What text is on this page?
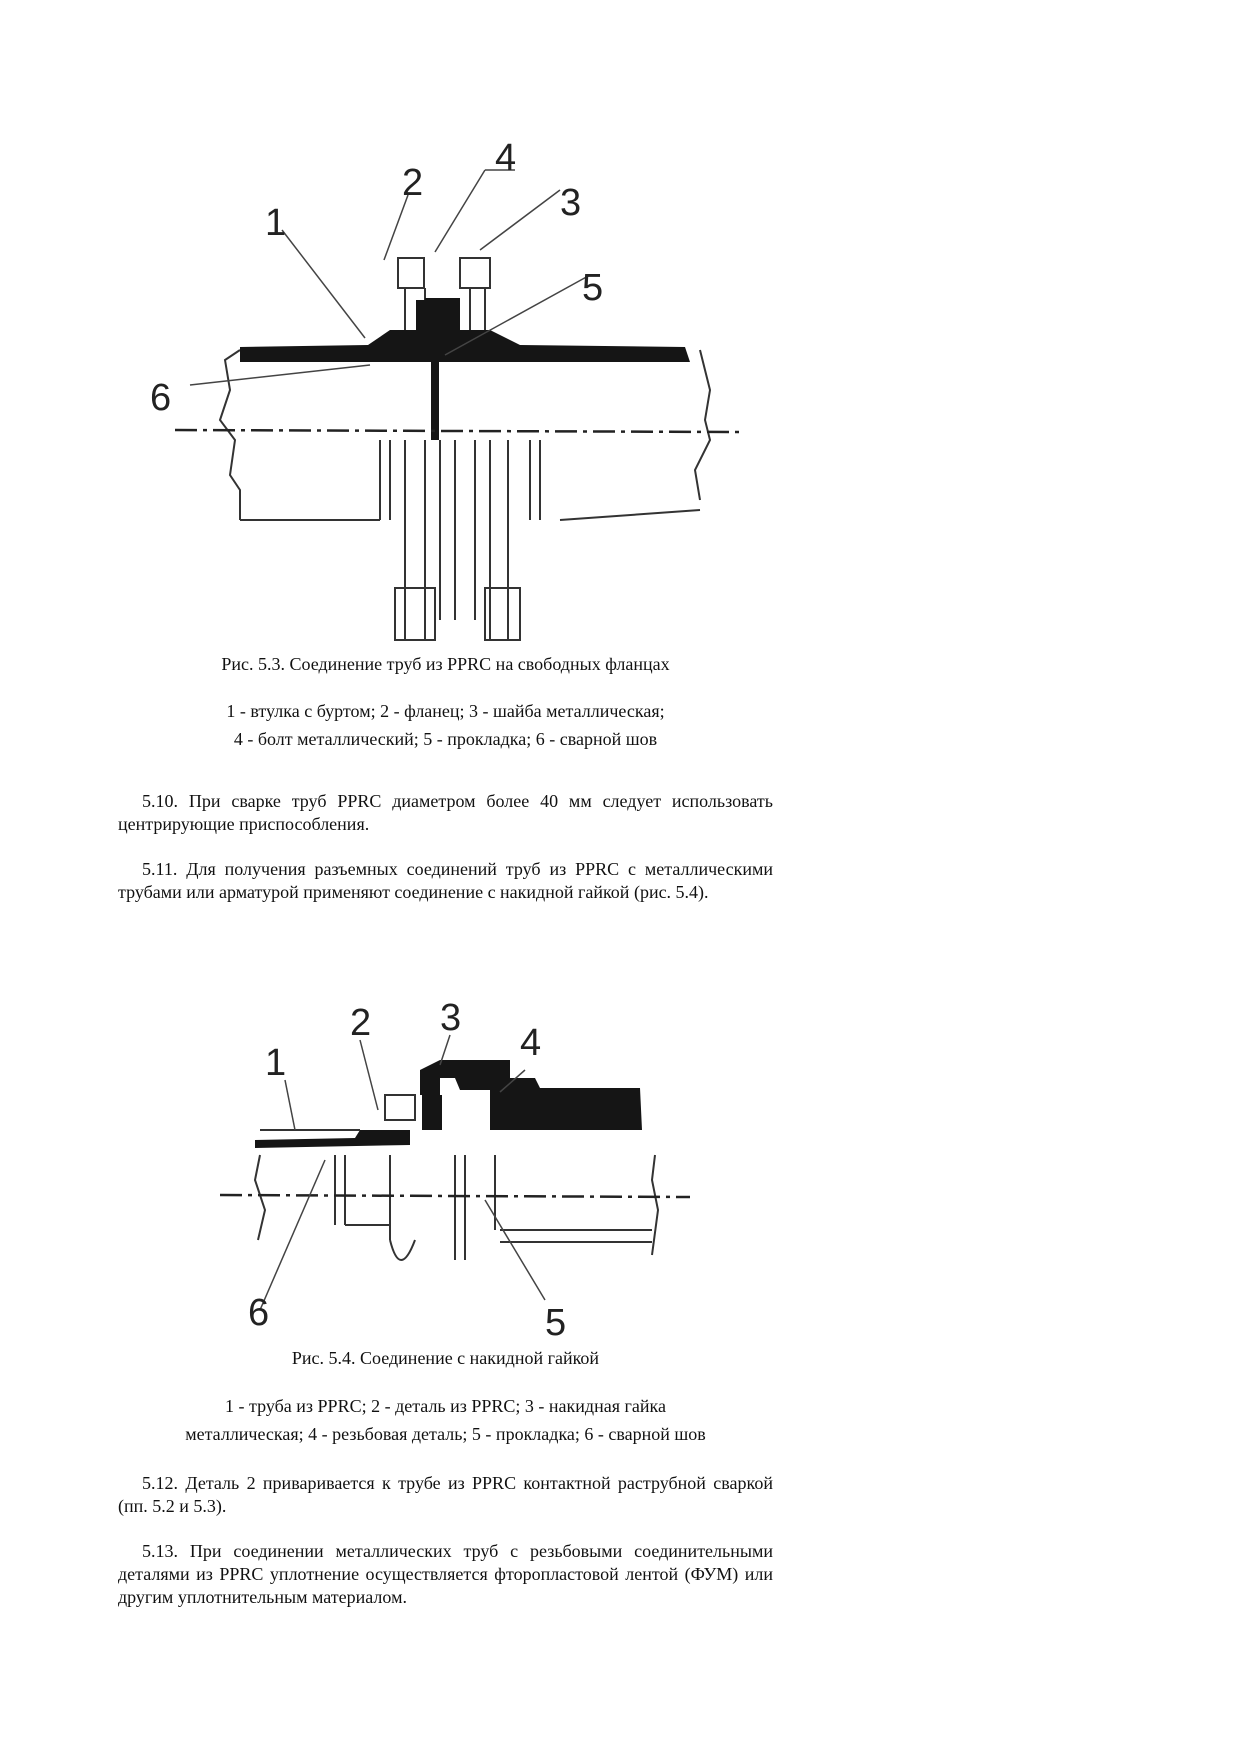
1
2	3
4
5
6
Рис. 5.3. Соединение труб из PPRC на свободных фланцах
1 - втулка с буртом; 2 - фланец; 3 - шайба металлическая;
4 - болт металлический; 5 - прокладка; 6 - сварной шов
5.10. При сварке труб PPRC диаметром более 40 мм следует использовать центрирующие приспособления.
5.11. Для получения разъемных соединений труб из PPRC с металлическими трубами или арматурой применяют соединение с накидной гайкой (рис. 5.4).
1
2 3
4
5
6
Рис. 5.4. Соединение с накидной гайкой
1 - труба из PPRC; 2 - деталь из PPRC; 3 - накидная гайка
металлическая; 4 - резьбовая деталь; 5 - прокладка; 6 - сварной шов
5.12. Деталь 2 приваривается к трубе из PPRC контактной раструбной сваркой (пп. 5.2 и 5.3).
5.13. При соединении металлических труб с резьбовыми соединительными деталями из PPRC уплотнение осуществляется фторопластовой лентой (ФУМ) или другим уплотнительным материалом.
